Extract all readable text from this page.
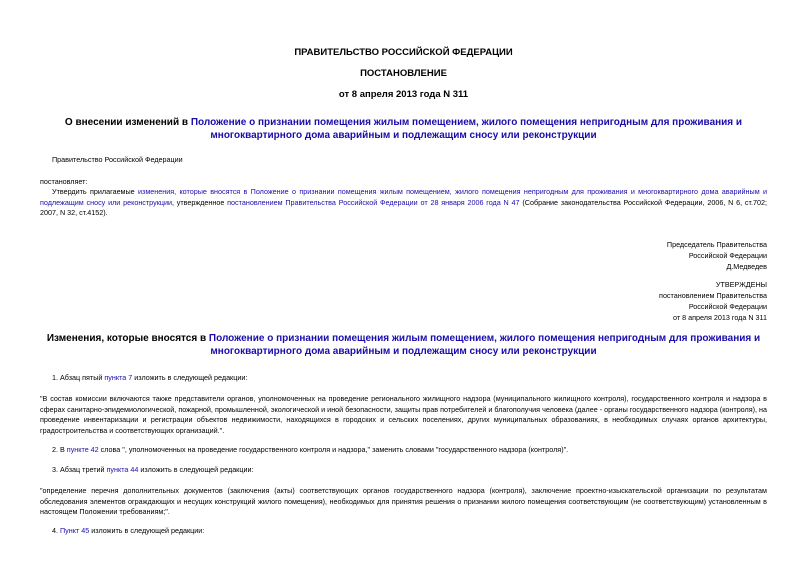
ПРАВИТЕЛЬСТВО РОССИЙСКОЙ ФЕДЕРАЦИИ
ПОСТАНОВЛЕНИЕ
от 8 апреля 2013 года N 311
О внесении изменений в Положение о признании помещения жилым помещением, жилого помещения непригодным для проживания и многоквартирного дома аварийным и подлежащим сносу или реконструкции
Правительство Российской Федерации
постановляет:
Утвердить прилагаемые изменения, которые вносятся в Положение о признании помещения жилым помещением, жилого помещения непригодным для проживания и многоквартирного дома аварийным и подлежащим сносу или реконструкции, утвержденное постановлением Правительства Российской Федерации от 28 января 2006 года N 47 (Собрание законодательства Российской Федерации, 2006, N 6, ст.702; 2007, N 32, ст.4152).
Председатель Правительства
Российской Федерации
Д.Медведев
УТВЕРЖДЕНЫ
постановлением Правительства
Российской Федерации
от 8 апреля 2013 года N 311
Изменения, которые вносятся в Положение о признании помещения жилым помещением, жилого помещения непригодным для проживания и многоквартирного дома аварийным и подлежащим сносу или реконструкции
1. Абзац пятый пункта 7 изложить в следующей редакции:
"В состав комиссии включаются также представители органов, уполномоченных на проведение регионального жилищного надзора (муниципального жилищного контроля), государственного контроля и надзора в сферах санитарно-эпидемиологической, пожарной, промышленной, экологической и иной безопасности, защиты прав потребителей и благополучия человека (далее - органы государственного надзора (контроля), на проведение инвентаризации и регистрации объектов недвижимости, находящихся в городских и сельских поселениях, других муниципальных образованиях, в необходимых случаях органов архитектуры, градостроительства и соответствующих организаций.".
2. В пункте 42 слова ", уполномоченных на проведение государственного контроля и надзора," заменить словами "государственного надзора (контроля)".
3. Абзац третий пункта 44 изложить в следующей редакции:
"определение перечня дополнительных документов (заключения (акты) соответствующих органов государственного надзора (контроля), заключение проектно-изыскательской организации по результатам обследования элементов ограждающих и несущих конструкций жилого помещения), необходимых для принятия решения о признании жилого помещения соответствующим (не соответствующим) установленным в настоящем Положении требованиям;".
4. Пункт 45 изложить в следующей редакции:
